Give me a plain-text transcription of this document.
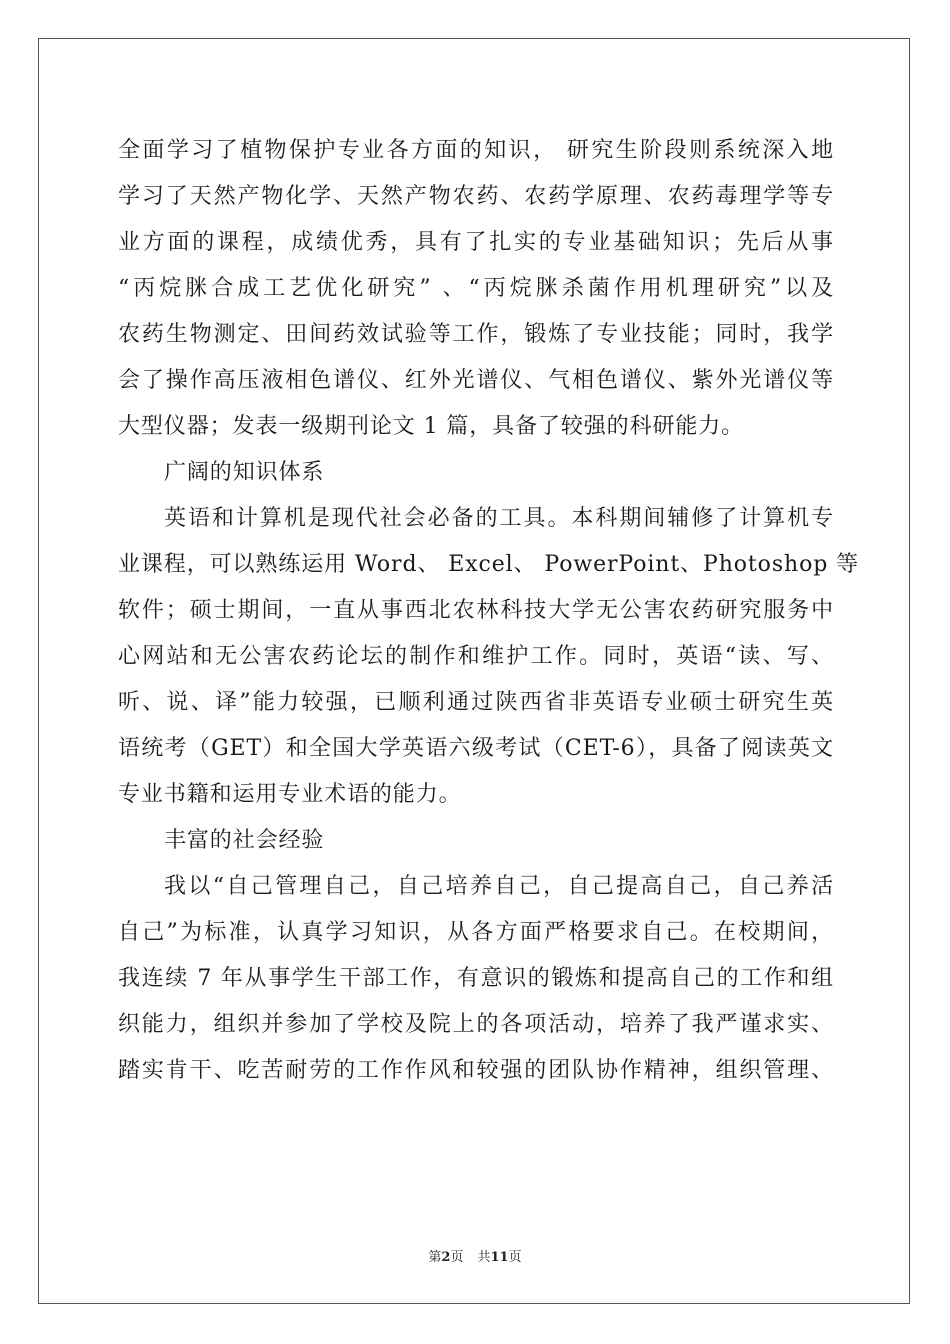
全面学习了植物保护专业各方面的知识， 研究生阶段则系统深入地
学习了天然产物化学、天然产物农药、农药学原理、农药毒理学等专
业方面的课程，成绩优秀，具有了扎实的专业基础知识；先后从事
“丙烷脒合成工艺优化研究” 、“丙烷脒杀菌作用机理研究”以及
农药生物测定、田间药效试验等工作，锻炼了专业技能；同时，我学
会了操作高压液相色谱仪、红外光谱仪、气相色谱仪、紫外光谱仪等
大型仪器；发表一级期刊论文 1 篇，具备了较强的科研能力。
广阔的知识体系
英语和计算机是现代社会必备的工具。本科期间辅修了计算机专
业课程，可以熟练运用 Word、 Excel、 PowerPoint、Photoshop 等
软件；硕士期间，一直从事西北农林科技大学无公害农药研究服务中
心网站和无公害农药论坛的制作和维护工作。同时，英语“读、写、
听、说、译”能力较强，已顺利通过陕西省非英语专业硕士研究生英
语统考（GET）和全国大学英语六级考试（CET-6），具备了阅读英文
专业书籍和运用专业术语的能力。
丰富的社会经验
我以“自己管理自己，自己培养自己，自己提高自己，自己养活
自己”为标准，认真学习知识，从各方面严格要求自己。在校期间，
我连续 7 年从事学生干部工作，有意识的锻炼和提高自己的工作和组
织能力，组织并参加了学校及院上的各项活动，培养了我严谨求实、
踏实肯干、吃苦耐劳的工作作风和较强的团队协作精神，组织管理、
第2页 共11页
